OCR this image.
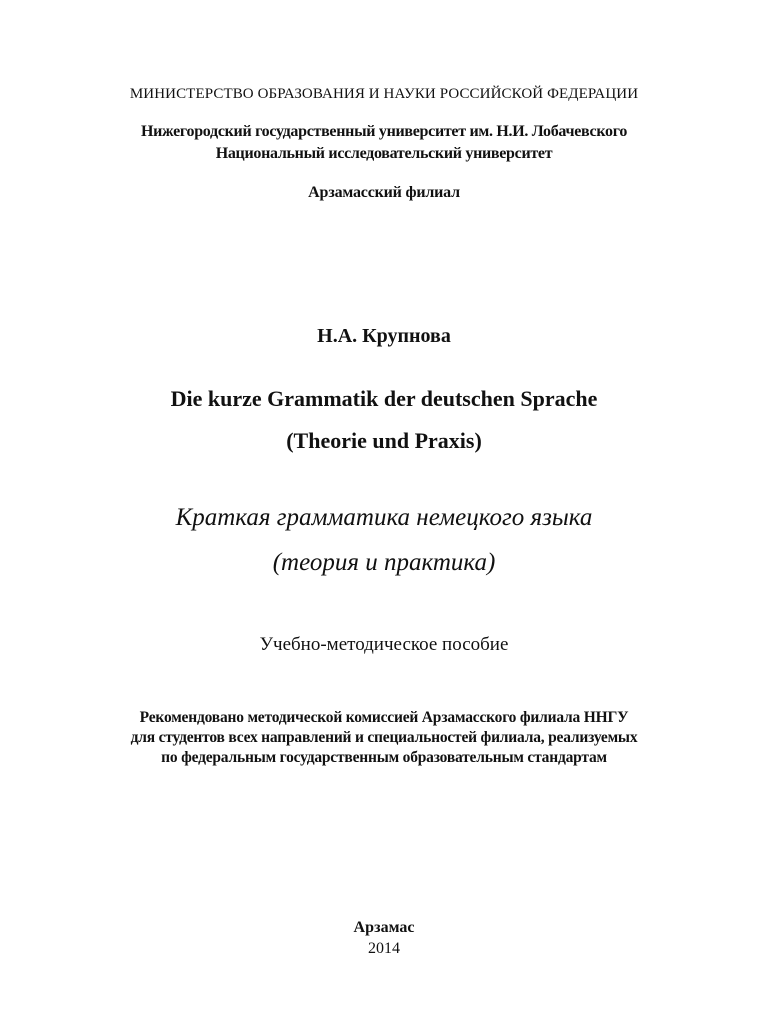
МИНИСТЕРСТВО ОБРАЗОВАНИЯ И НАУКИ РОССИЙСКОЙ ФЕДЕРАЦИИ
Нижегородский государственный университет им. Н.И. Лобачевского
Национальный исследовательский университет
Арзамасский филиал
Н.А. Крупнова
Die kurze Grammatik der deutschen Sprache
(Theorie und Praxis)
Краткая грамматика немецкого языка
(теория и практика)
Учебно-методическое пособие
Рекомендовано методической комиссией Арзамасского филиала ННГУ
для студентов всех направлений и специальностей филиала, реализуемых
по федеральным государственным образовательным стандартам
Арзамас
2014
